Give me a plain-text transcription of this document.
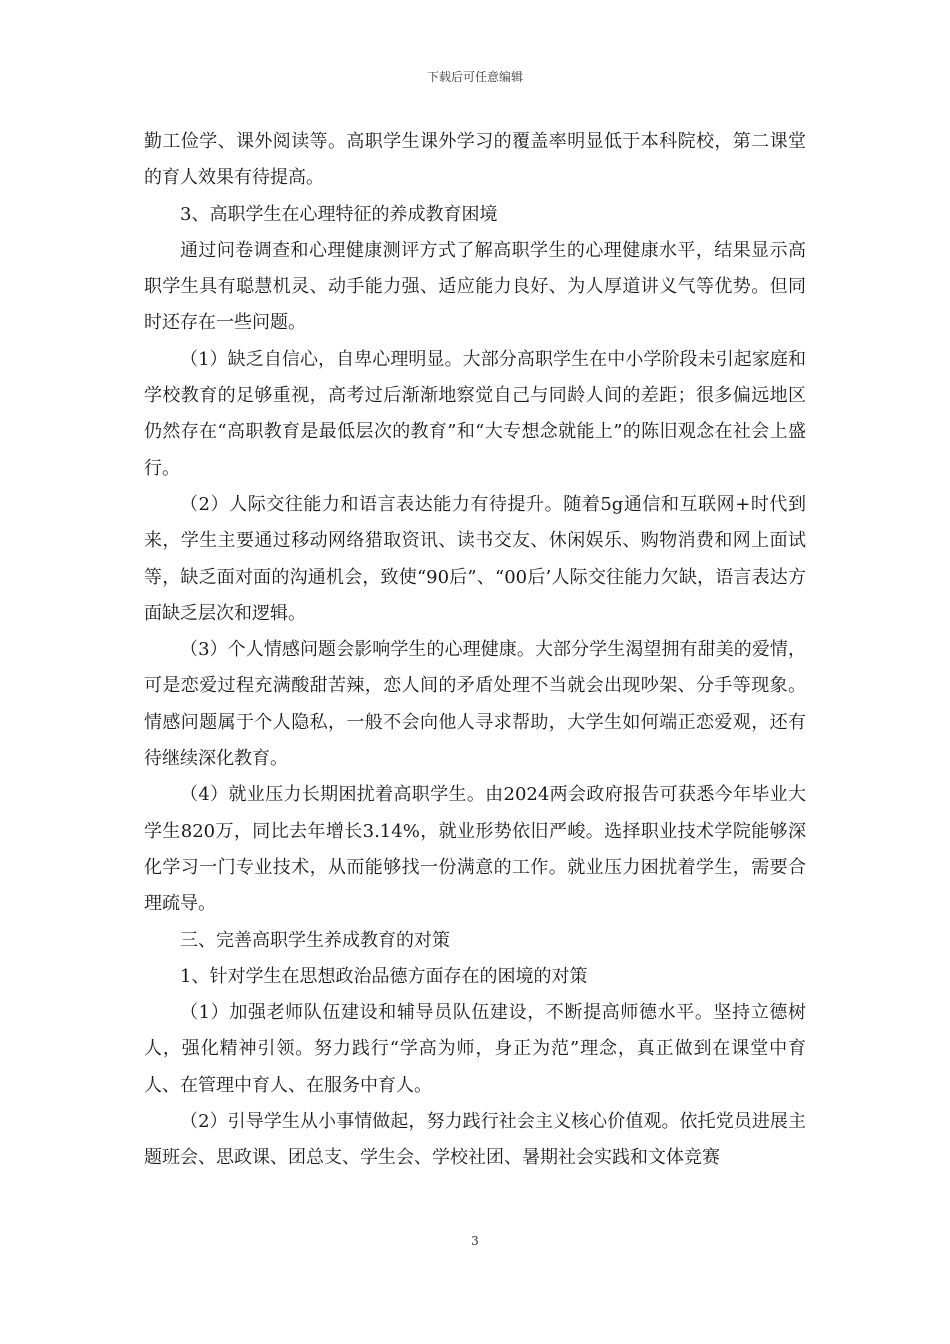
下载后可任意编辑

勤工俭学、课外阅读等。高职学生课外学习的覆盖率明显低于本科院校，第二课堂的育人效果有待提高。

3、高职学生在心理特征的养成教育困境

通过问卷调查和心理健康测评方式了解高职学生的心理健康水平，结果显示高职学生具有聪慧机灵、动手能力强、适应能力良好、为人厚道讲义气等优势。但同时还存在一些问题。

（1）缺乏自信心，自卑心理明显。大部分高职学生在中小学阶段未引起家庭和学校教育的足够重视，高考过后渐渐地察觉自己与同龄人间的差距；很多偏远地区仍然存在“高职教育是最低层次的教育”和“大专想念就能上”的陈旧观念在社会上盛行。

（2）人际交往能力和语言表达能力有待提升。随着5g通信和互联网+时代到来，学生主要通过移动网络猎取资讯、读书交友、休闲娱乐、购物消费和网上面试等，缺乏面对面的沟通机会，致使“90后”、“00后’人际交往能力欠缺，语言表达方面缺乏层次和逻辑。

（3）个人情感问题会影响学生的心理健康。大部分学生渴望拥有甜美的爱情，可是恋爱过程充满酸甜苦辣，恋人间的矛盾处理不当就会出现吵架、分手等现象。情感问题属于个人隐私，一般不会向他人寻求帮助，大学生如何端正恋爱观，还有待继续深化教育。

（4）就业压力长期困扰着高职学生。由2024两会政府报告可获悉今年毕业大学生820万，同比去年增长3.14%，就业形势依旧严峻。选择职业技术学院能够深化学习一门专业技术，从而能够找一份满意的工作。就业压力困扰着学生，需要合理疏导。

三、完善高职学生养成教育的对策

1、针对学生在思想政治品德方面存在的困境的对策

（1）加强老师队伍建设和辅导员队伍建设，不断提高师德水平。坚持立德树人，强化精神引领。努力践行“学高为师，身正为范”理念，真正做到在课堂中育人、在管理中育人、在服务中育人。

（2）引导学生从小事情做起，努力践行社会主义核心价值观。依托党员进展主题班会、思政课、团总支、学生会、学校社团、暑期社会实践和文体竞赛

3
